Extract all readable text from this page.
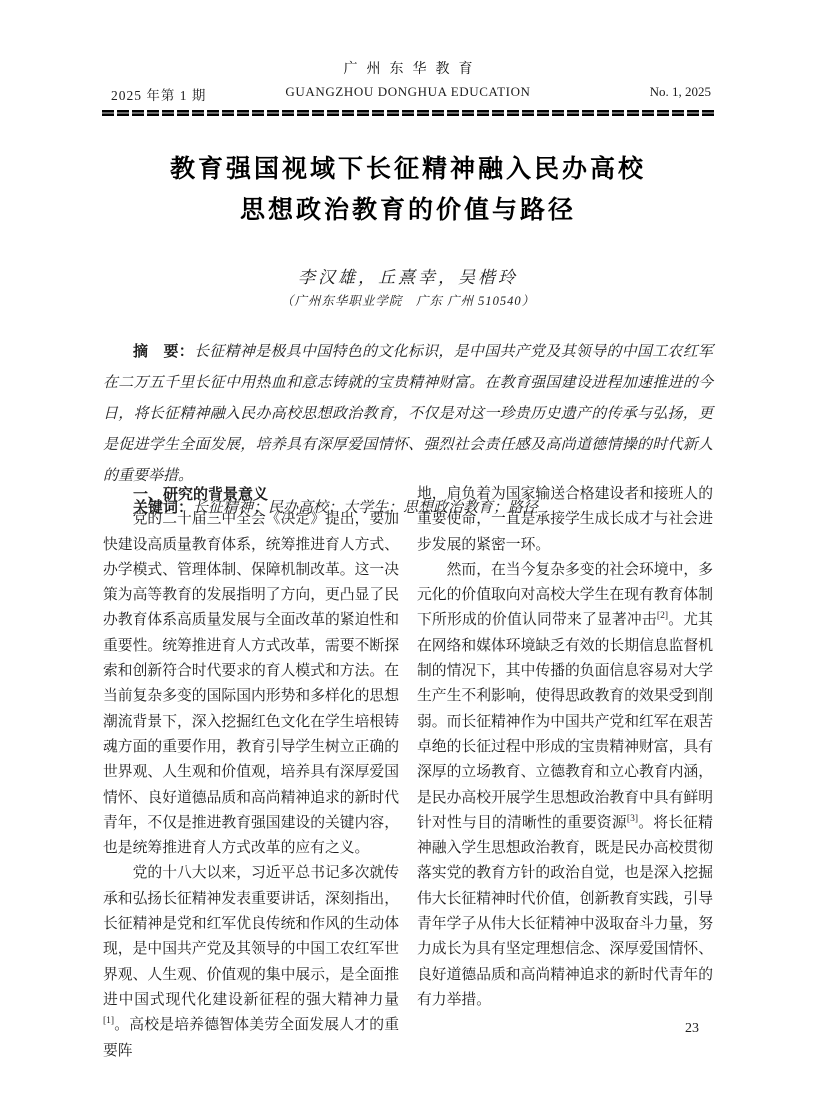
广州东华教育
2025 年第 1 期	GUANGZHOU DONGHUA EDUCATION	No. 1, 2025
教育强国视域下长征精神融入民办高校
思想政治教育的价值与路径
李汉雄，丘熹幸，吴楷玲
（广州东华职业学院　广东 广州 510540）

摘　要：长征精神是极具中国特色的文化标识，是中国共产党及其领导的中国工农红军在二万五千里长征中用热血和意志铸就的宝贵精神财富。在教育强国建设进程加速推进的今日，将长征精神融入民办高校思想政治教育，不仅是对这一珍贵历史遗产的传承与弘扬，更是促进学生全面发展，培养具有深厚爱国情怀、强烈社会责任感及高尚道德情操的时代新人的重要举措。

关键词：长征精神；民办高校；大学生；思想政治教育；路径

一、研究的背景意义

党的二十届三中全会《决定》提出，要加快建设高质量教育体系，统筹推进育人方式、办学模式、管理体制、保障机制改革。这一决策为高等教育的发展指明了方向，更凸显了民办教育体系高质量发展与全面改革的紧迫性和重要性。统筹推进育人方式改革，需要不断探索和创新符合时代要求的育人模式和方法。在当前复杂多变的国际国内形势和多样化的思想潮流背景下，深入挖掘红色文化在学生培根铸魂方面的重要作用，教育引导学生树立正确的世界观、人生观和价值观，培养具有深厚爱国情怀、良好道德品质和高尚精神追求的新时代青年，不仅是推进教育强国建设的关键内容，也是统筹推进育人方式改革的应有之义。

党的十八大以来，习近平总书记多次就传承和弘扬长征精神发表重要讲话，深刻指出，长征精神是党和红军优良传统和作风的生动体现，是中国共产党及其领导的中国工农红军世界观、人生观、价值观的集中展示，是全面推进中国式现代化建设新征程的强大精神力量[1]。高校是培养德智体美劳全面发展人才的重要阵

地，肩负着为国家输送合格建设者和接班人的重要使命，一直是承接学生成长成才与社会进步发展的紧密一环。

然而，在当今复杂多变的社会环境中，多元化的价值取向对高校大学生在现有教育体制下所形成的价值认同带来了显著冲击[2]。尤其在网络和媒体环境缺乏有效的长期信息监督机制的情况下，其中传播的负面信息容易对大学生产生不利影响，使得思政教育的效果受到削弱。而长征精神作为中国共产党和红军在艰苦卓绝的长征过程中形成的宝贵精神财富，具有深厚的立场教育、立德教育和立心教育内涵，是民办高校开展学生思想政治教育中具有鲜明针对性与目的清晰性的重要资源[3]。将长征精神融入学生思想政治教育，既是民办高校贯彻落实党的教育方针的政治自觉，也是深入挖掘伟大长征精神时代价值，创新教育实践，引导青年学子从伟大长征精神中汲取奋斗力量，努力成长为具有坚定理想信念、深厚爱国情怀、良好道德品质和高尚精神追求的新时代青年的有力举措。

23
